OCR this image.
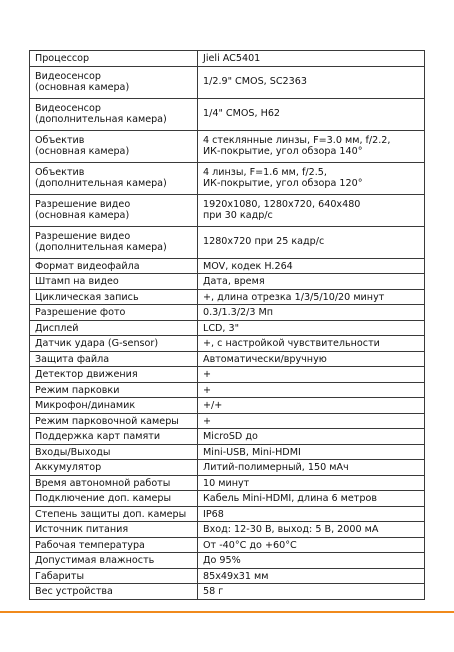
Процессор	Jieli AC5401

Видеосенсор
(основная камера)	1/2.9" CMOS, SC2363

Видеосенсор
(дополнительная камера)	1/4" CMOS, H62

Объектив
(основная камера)	4 стеклянные линзы, F=3.0 мм, f/2.2,
ИК-покрытие, угол обзора 140°

Объектив
(дополнительная камера)	4 линзы, F=1.6 мм, f/2.5,
ИК-покрытие, угол обзора 120°

Разрешение видео
(основная камера)	1920x1080, 1280x720, 640x480
при 30 кадр/с

Разрешение видео
(дополнительная камера)	1280x720 при 25 кадр/с

Формат видеофайла	MOV, кодек H.264

Штамп на видео	Дата, время

Циклическая запись	+, длина отрезка 1/3/5/10/20 минут

Разрешение фото	0.3/1.3/2/3 Мп

Дисплей	LCD, 3"

Датчик удара (G-sensor)	+, с настройкой чувствительности

Защита файла	Автоматически/вручную

Детектор движения	+

Режим парковки	+

Микрофон/динамик	+/+

Режим парковочной камеры	+

Поддержка карт памяти	MicroSD до

Входы/Выходы	Mini-USB, Mini-HDMI

Аккумулятор	Литий-полимерный, 150 мАч

Время автономной работы	10 минут

Подключение доп. камеры	Кабель Mini-HDMI, длина 6 метров

Степень защиты доп. камеры	IP68

Источник питания	Вход: 12-30 В, выход: 5 В, 2000 мА

Рабочая температура	От -40°C до +60°C

Допустимая влажность	До 95%

Габариты	85x49x31 мм

Вес устройства	58 г
